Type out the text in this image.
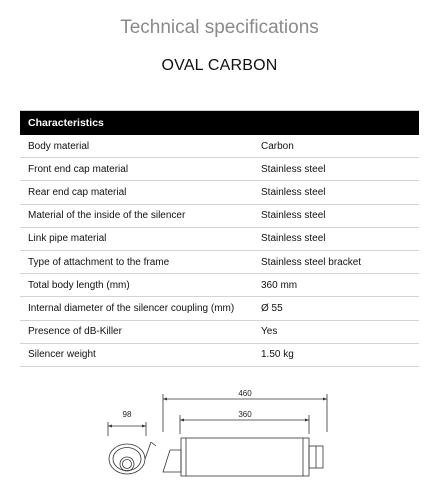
Technical specifications
OVAL CARBON
Characteristics
Body material	Carbon
Front end cap material	Stainless steel
Rear end cap material	Stainless steel
Material of the inside of the silencer	Stainless steel
Link pipe material	Stainless steel
Type of attachment to the frame	Stainless steel bracket
Total body length (mm)	360 mm
Internal diameter of the silencer coupling (mm)	Ø 55
Presence of dB-Killer	Yes
Silencer weight	1.50 kg
98
460
360
